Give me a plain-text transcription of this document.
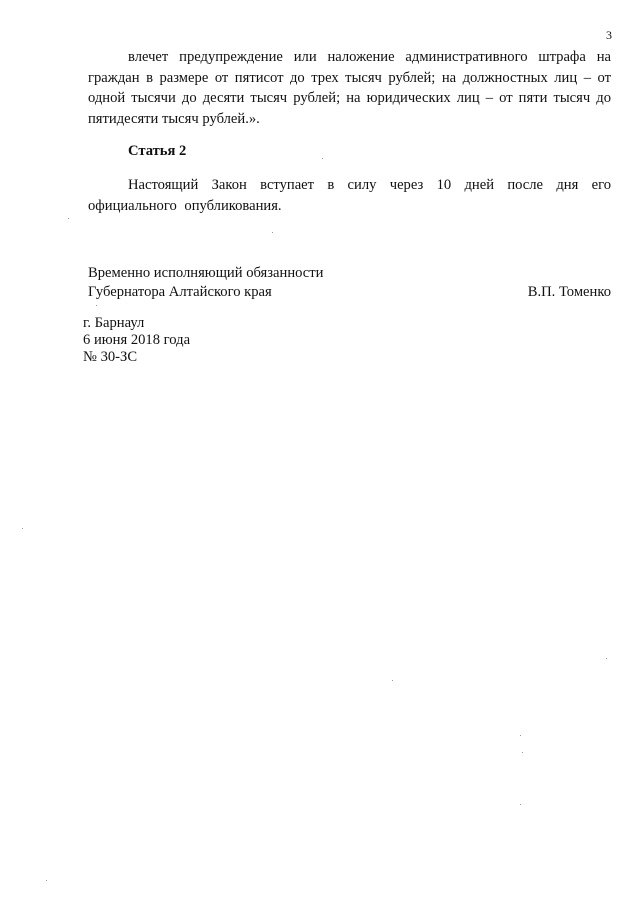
3

влечет предупреждение или наложение административного штрафа на граждан в размере от пятисот до трех тысяч рублей; на должностных лиц – от одной тысячи до десяти тысяч рублей; на юридических лиц – от пяти тысяч до пятидесяти тысяч рублей.».

Статья 2

Настоящий Закон вступает в силу через 10 дней после дня его официального опубликования.

Временно исполняющий обязанности
Губернатора Алтайского края	В.П. Томенко
г. Барнаул
6 июня 2018 года
№ 30-ЗС
